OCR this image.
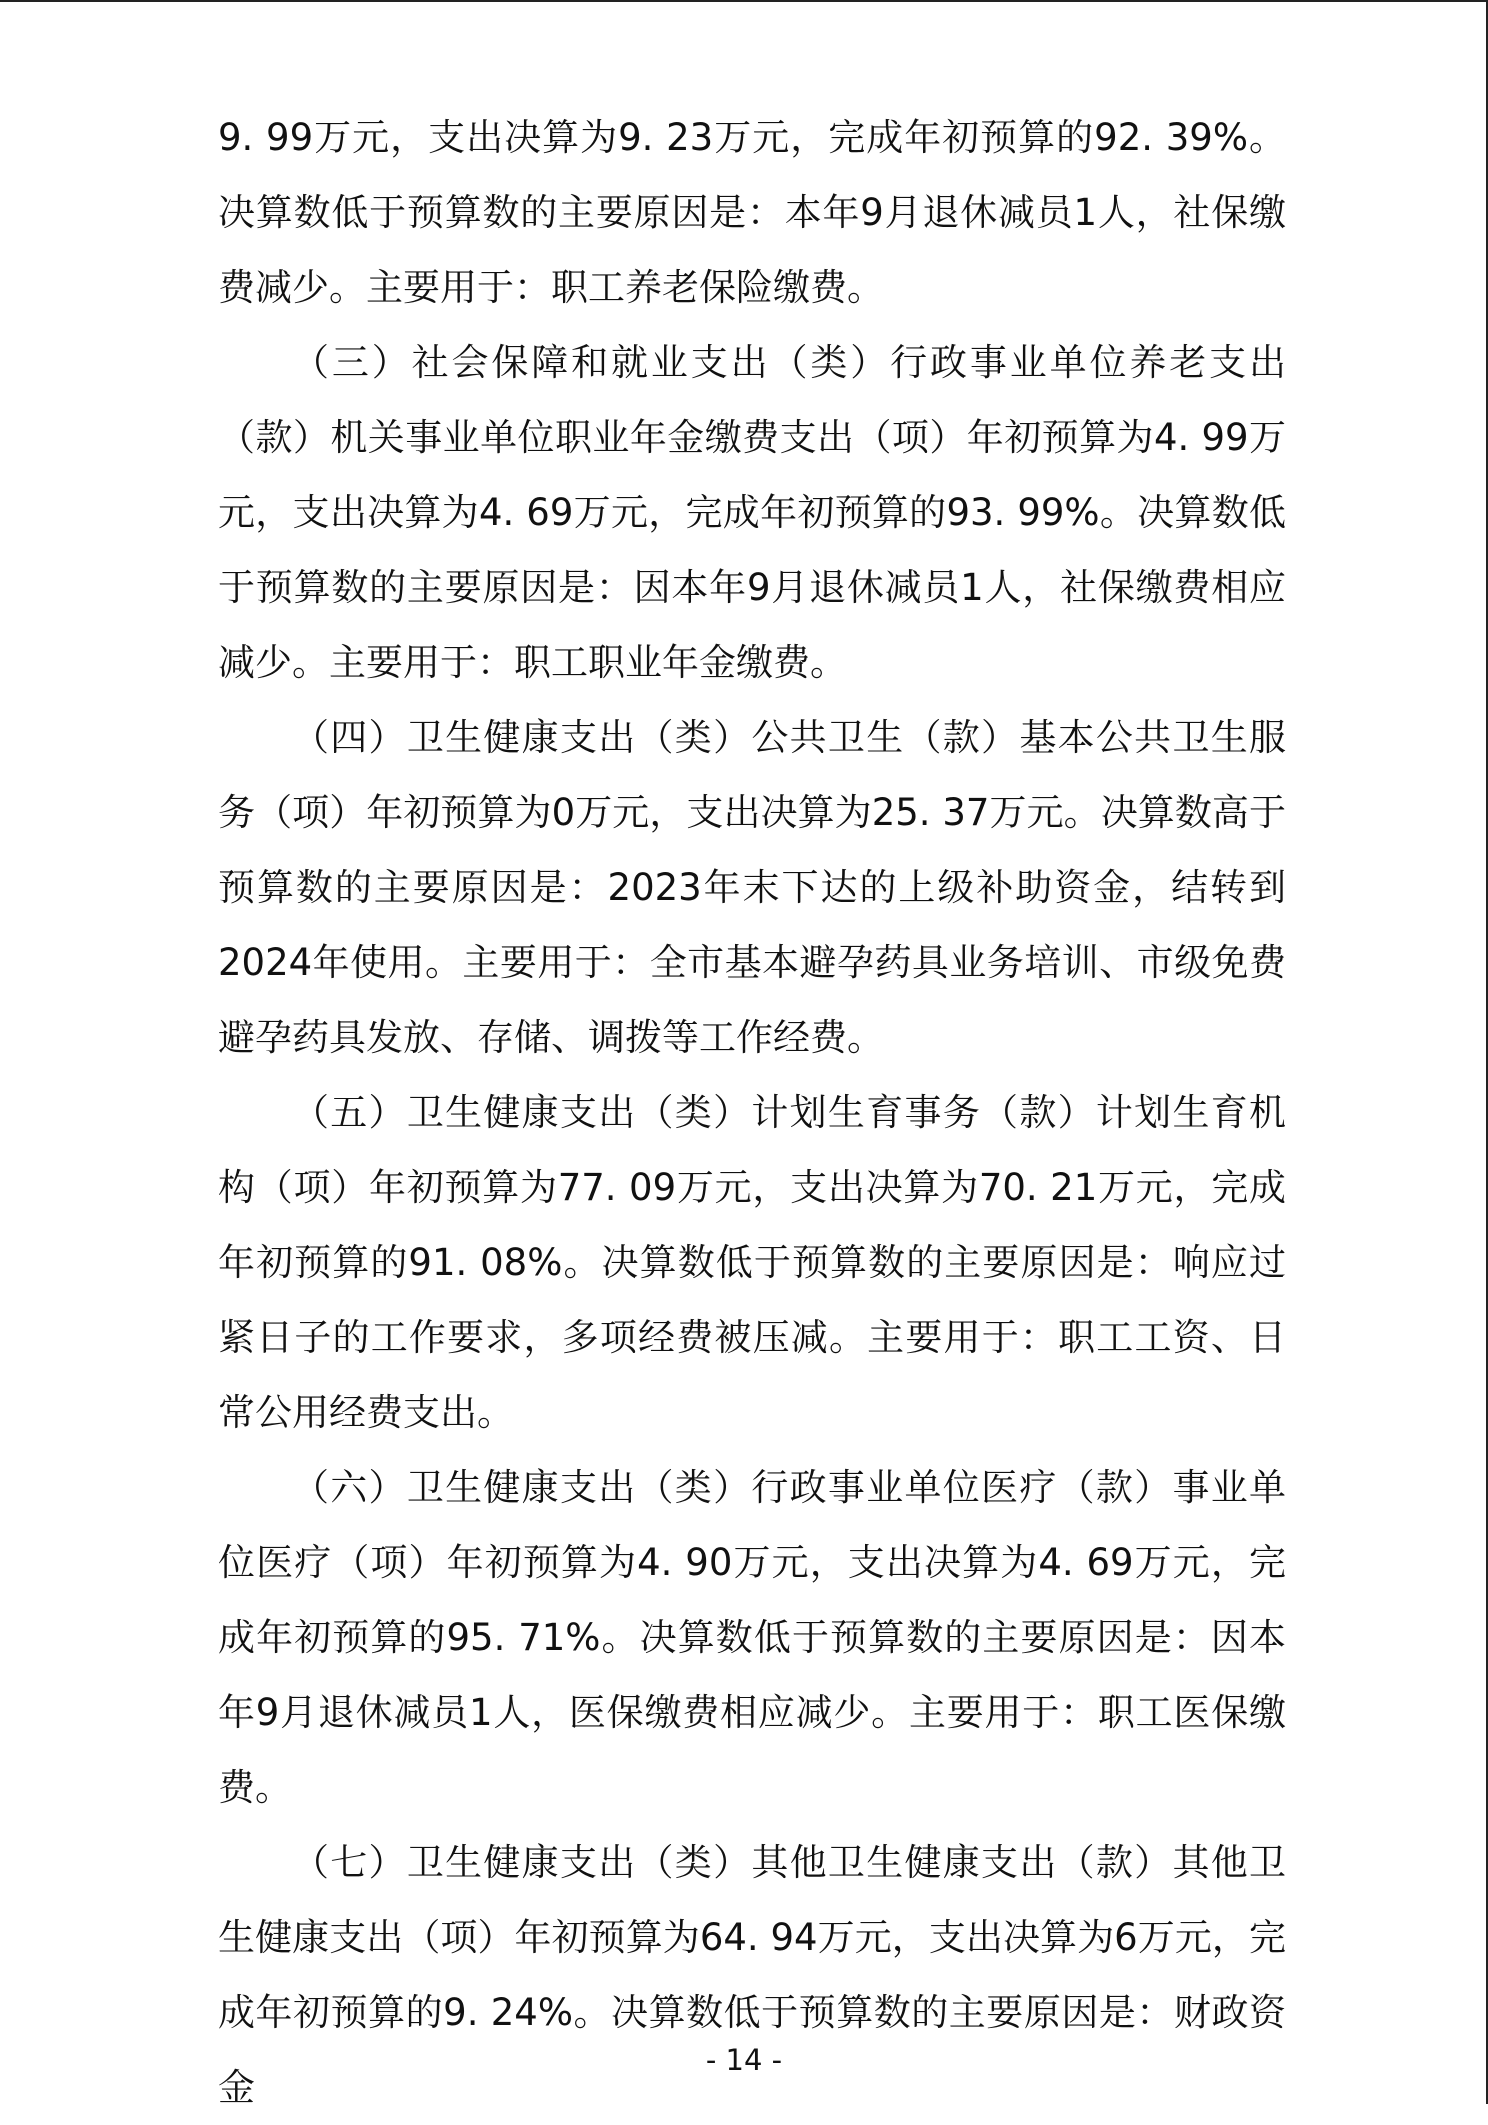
9. 99万元，支出决算为9. 23万元，完成年初预算的92. 39%。决算数低于预算数的主要原因是：本年9月退休减员1人，社保缴费减少。主要用于：职工养老保险缴费。

（三）社会保障和就业支出（类）行政事业单位养老支出（款）机关事业单位职业年金缴费支出（项）年初预算为4. 99万元，支出决算为4. 69万元，完成年初预算的93. 99%。决算数低于预算数的主要原因是：因本年9月退休减员1人，社保缴费相应减少。主要用于：职工职业年金缴费。

（四）卫生健康支出（类）公共卫生（款）基本公共卫生服务（项）年初预算为0万元，支出决算为25. 37万元。决算数高于预算数的主要原因是：2023年末下达的上级补助资金，结转到2024年使用。主要用于：全市基本避孕药具业务培训、市级免费避孕药具发放、存储、调拨等工作经费。

（五）卫生健康支出（类）计划生育事务（款）计划生育机构（项）年初预算为77. 09万元，支出决算为70. 21万元，完成年初预算的91. 08%。决算数低于预算数的主要原因是：响应过紧日子的工作要求，多项经费被压减。主要用于：职工工资、日常公用经费支出。

（六）卫生健康支出（类）行政事业单位医疗（款）事业单位医疗（项）年初预算为4. 90万元，支出决算为4. 69万元，完成年初预算的95. 71%。决算数低于预算数的主要原因是：因本年9月退休减员1人，医保缴费相应减少。主要用于：职工医保缴费。

（七）卫生健康支出（类）其他卫生健康支出（款）其他卫生健康支出（项）年初预算为64. 94万元，支出决算为6万元，完成年初预算的9. 24%。决算数低于预算数的主要原因是：财政资金

- 14 -
